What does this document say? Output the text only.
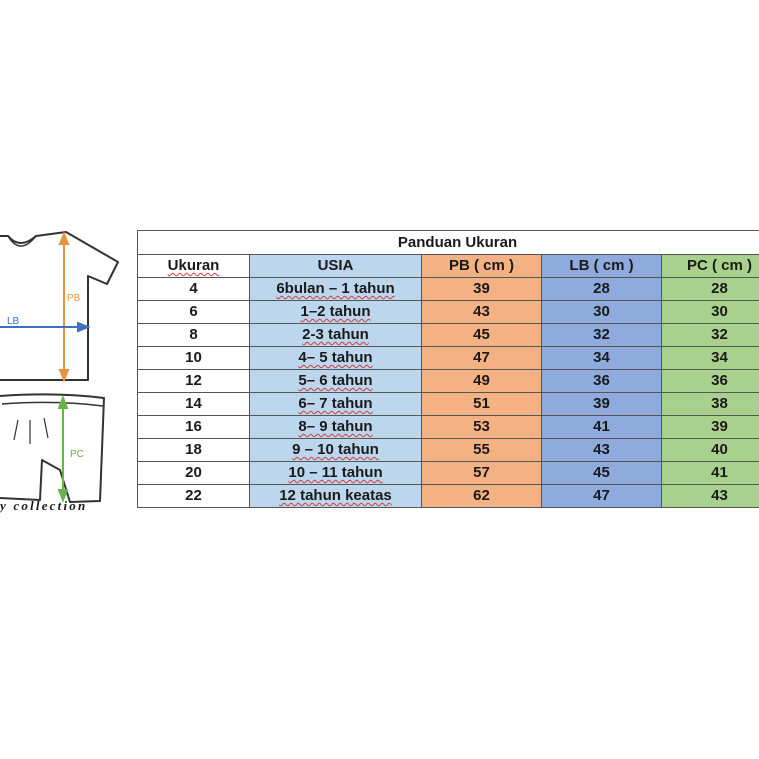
PB
LB
PC
y collection
Panduan Ukuran				
Ukuran	USIA	PB ( cm )	LB ( cm )	PC ( cm )
4	6bulan – 1 tahun	39	28	28
6	1–2 tahun	43	30	30
8	2-3 tahun	45	32	32
10	4– 5 tahun	47	34	34
12	5– 6 tahun	49	36	36
14	6– 7 tahun	51	39	38
16	8– 9 tahun	53	41	39
18	9 – 10 tahun	55	43	40
20	10 – 11 tahun	57	45	41
22	12 tahun keatas	62	47	43
